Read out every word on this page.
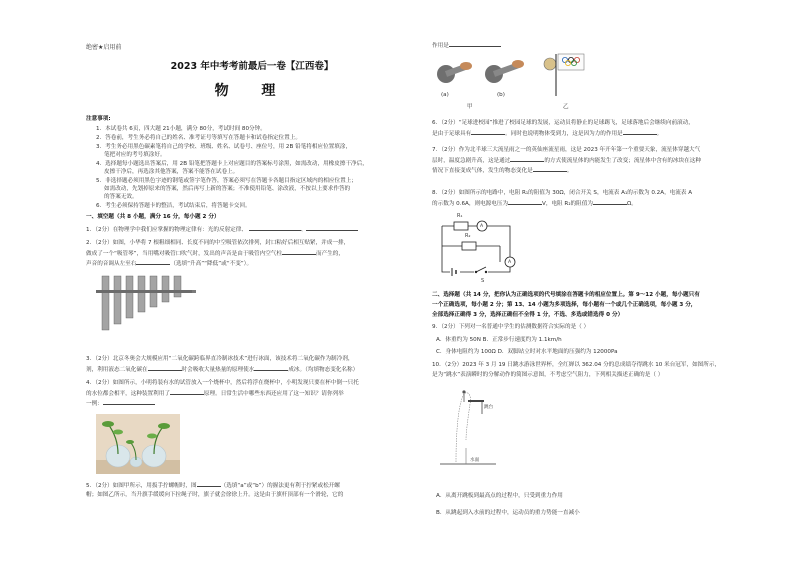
绝密★启用前
2023 年中考考前最后一卷【江西卷】
物 理
注意事项:
1．本试卷共 6页，四大题 21小题，满分 80分，考试时间 80分钟。
2．答卷前，考生务必将自己的姓名、准考证号等填写在答题卡和试卷指定位置上。
3．考生务必用黑色碳素笔将自己的学校、班级、姓名、试卷号、座位号，用 2B 铅笔将相应位置填涂，
笔把对应的考号填涂好。
4．选择题每小题选出答案后，用 2B 铅笔把答题卡上对应题目的答案标号涂黑，如需改动，用橡皮擦干净后，
皮擦干净后，再选涂其他答案，答案不能答在试卷上。
5．非选择题必须用黑色字迹的钢笔或签字笔作答，答案必须写在答题卡各题目指定区域内的相应位置上；
如需改动，先划掉原来的答案，然后再写上新的答案；不准使用铅笔、涂改液，不按以上要求作答的
的答案无效。
6．考生必须保持答题卡的整洁，考试结束后，将答题卡交回。
一、填空题（共 8 小题，满分 16 分，每小题 2 分）
1．（2分）在物理学中我们应掌握的物理定律有：光的反射定律、	、
2．（2分）如图，小华将 7 根粗细相同、长度不同的中空吸管依次排列，封口粘好后相互贴紧，并成一排，
做成了一个“吸管琴”，当用嘴对吸管口吹气时，发出的声音是由于吸管内空气柱	而产生的，
声音的音调从左至右	（选填“升高”“降低”或“不变”）。
3．（2分）北京冬奥会大规模应用“二氧化碳跨临界直冷制冰技术”进行冰面，该技术将二氧化碳作为制冷剂，
剂，利用液态二氧化碳在	时会吸收大量热量的原理使水	成冰。（均填物态变化名称）
4．（2分）如图所示，小明将装有水的试管放入一个烧杯中，然后将浮在烧杯中，小明发现只要在杯中倒一只托
的水位都会相平，这种装置利用了	原理。日常生活中哪些东西还应用了这一知识？请你列举
一例：
5．（2分）如图甲所示，用扳手拧螺帽时，图	（选填“a”或“b”）的握法更有利于拧紧或松开螺
帽；如图乙所示，当升旗手缓缓向下拉绳子时，旗子就会徐徐上升。这是由于旗杆顶部有一个滑轮，它的
作用是
(a)	(b)
甲	乙
6．（2分）“足球进校园”推进了校园足球的发展，运动员将静止的足球踢飞，足球落地后会继续向前滚动，
是由于足球具有	。同时也说明物体受到力，这是因为力的作用是	。
7．（2分）作为北半球三大流星雨之一的英仙座流星雨，这是 2023 年开年第一个重要天象，流星体穿越大气
层时，温度急剧升高，这是通过	的方式使流星体的内能发生了改变；流星体中含有的冰块在这种
情况下直接变成气体，发生的物态变化是	。
8．（2分）如图所示的电路中，电阻 R₁的阻值为 30Ω，闭合开关 S，电流表 A₁的示数为 0.2A，电流表 A
的示数为 0.6A，则电源电压为	V，电阻 R₂的阻值为	Ω。
R₁
A
R₂
A
S
二、选择题（共 14 分，把你认为正确选项的代号填涂在答题卡的相应位置上。第 9～12 小题，每小题只有
一个正确选项，每小题 2 分；第 13、14 小题为多项选择，每小题有一个或几个正确选项，每小题 3 分，
全部选择正确得 3 分，选择正确但不全得 1 分，不选、多选或错选得 0 分）
9．（2分）下列对一名普通中学生的估测数据符合实际的是（ ）
A．体重约为 50N B．正常步行速度约为 1.1km/h
C．身体电阻约为 100Ω D．双脚站立时对水平地面的压强约为 12000Pa
10．（2分）2023 年 3 月 19 日跳水游泳世界杯，全红婵以 362.04 分的总成绩夺得跳水 10 米台冠军，如图所示，
是为“跳水”表演瞬时的分解动作的简图示意图，不考虑空气阻力，下列相关描述正确的是（ ）
跳台
水面
A．从离开跳板到最高点的过程中，只受到重力作用
B．从跳起到入水前的过程中，运动员的重力势能一直减小
